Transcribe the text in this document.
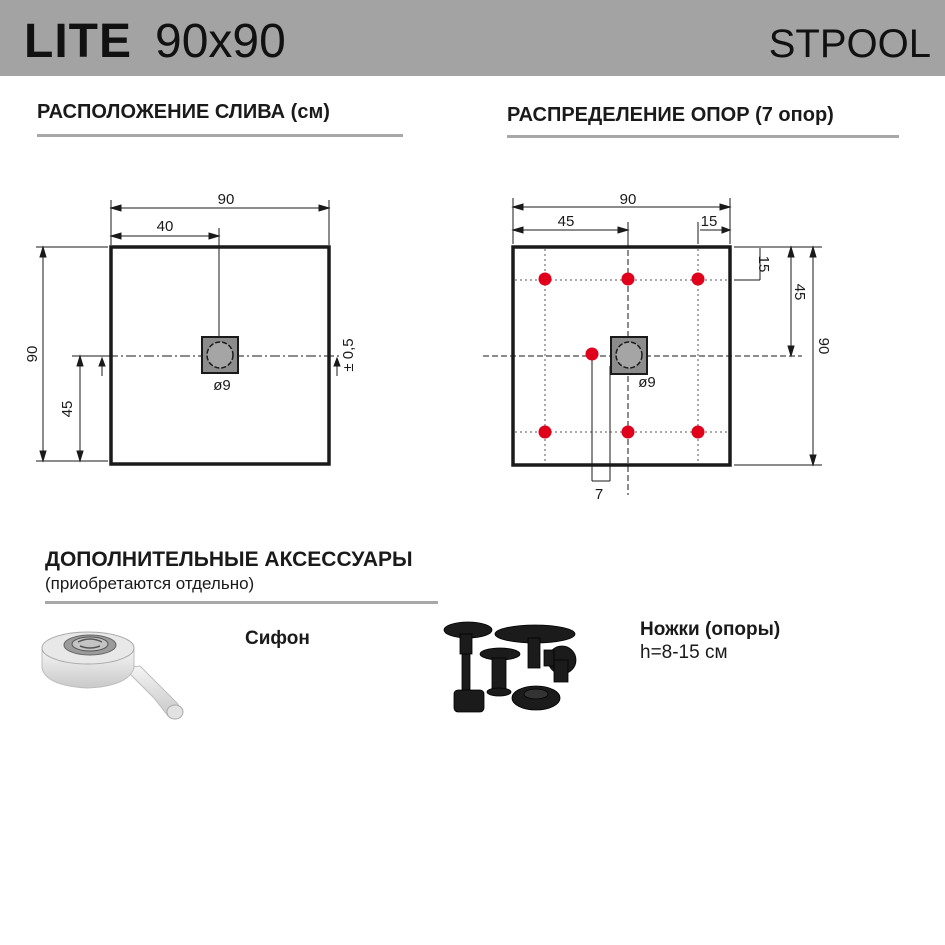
LITE 90x90	STPOOL
РАСПОЛОЖЕНИЕ СЛИВА (см)	РАСПРЕДЕЛЕНИЕ ОПОР (7 опор)
90
40
90
45
± 0,5
ø9
90
45	15
15
45
90
7
ø9
ДОПОЛНИТЕЛЬНЫЕ АКСЕССУАРЫ
(приобретаются отдельно)
Сифон	Ножки (опоры)
h=8-15 см
